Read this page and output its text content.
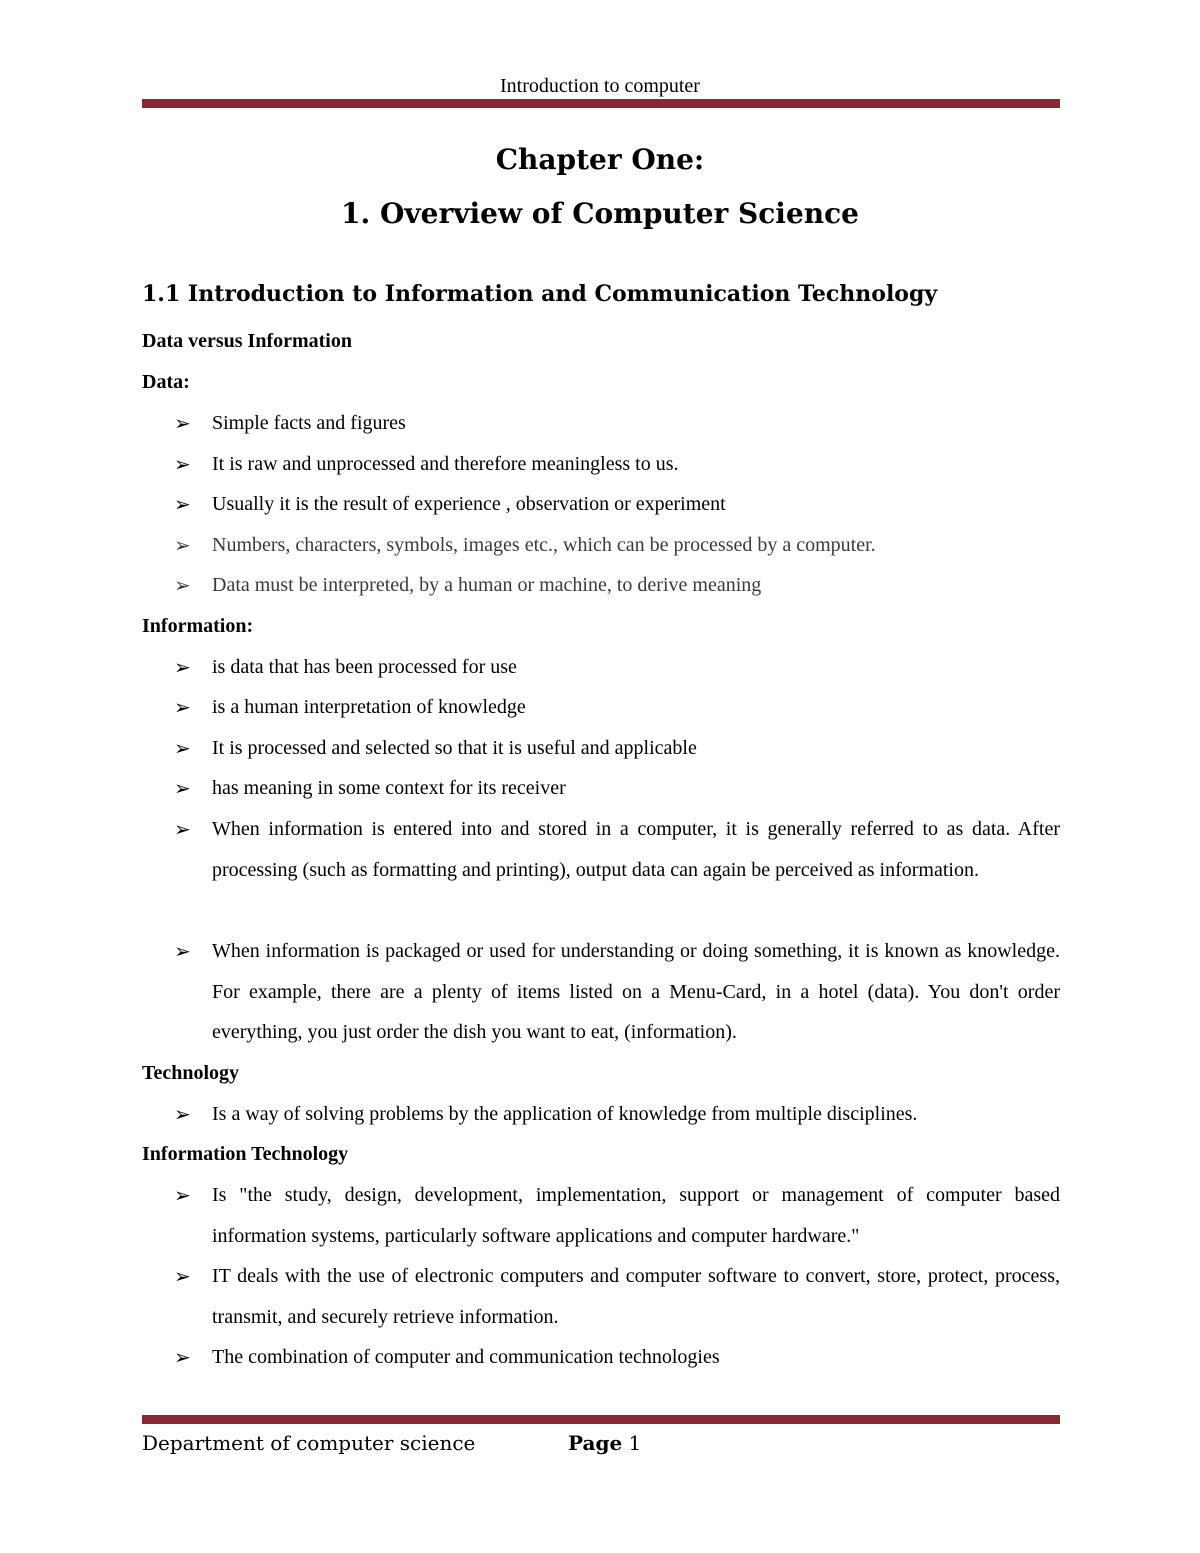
Introduction to computer
Chapter One:
1. Overview of Computer Science
1.1 Introduction to Information and Communication Technology
Data versus Information
Data:
➢	Simple facts and figures
➢	It is raw and unprocessed and therefore meaningless to us.
➢	Usually it is the result of experience , observation or experiment
➢	Numbers, characters, symbols, images etc., which can be processed by a computer.
➢	Data must be interpreted, by a human or machine, to derive meaning
Information:
➢	is data that has been processed for use
➢	is a human interpretation of knowledge
➢	It is processed and selected so that it is useful and applicable
➢	has meaning in some context for its receiver
➢	When information is entered into and stored in a computer, it is generally referred to as data. After processing (such as formatting and printing), output data can again be perceived as information.
➢	When information is packaged or used for understanding or doing something, it is known as knowledge. For example, there are a plenty of items listed on a Menu-Card, in a hotel (data). You don't order everything, you just order the dish you want to eat, (information).
Technology
➢	Is a way of solving problems by the application of knowledge from multiple disciplines.
Information Technology
➢	Is "the study, design, development, implementation, support or management of computer based information systems, particularly software applications and computer hardware."
➢	IT deals with the use of electronic computers and computer software to convert, store, protect, process, transmit, and securely retrieve information.
➢	The combination of computer and communication technologies
Department of computer science	Page 1
